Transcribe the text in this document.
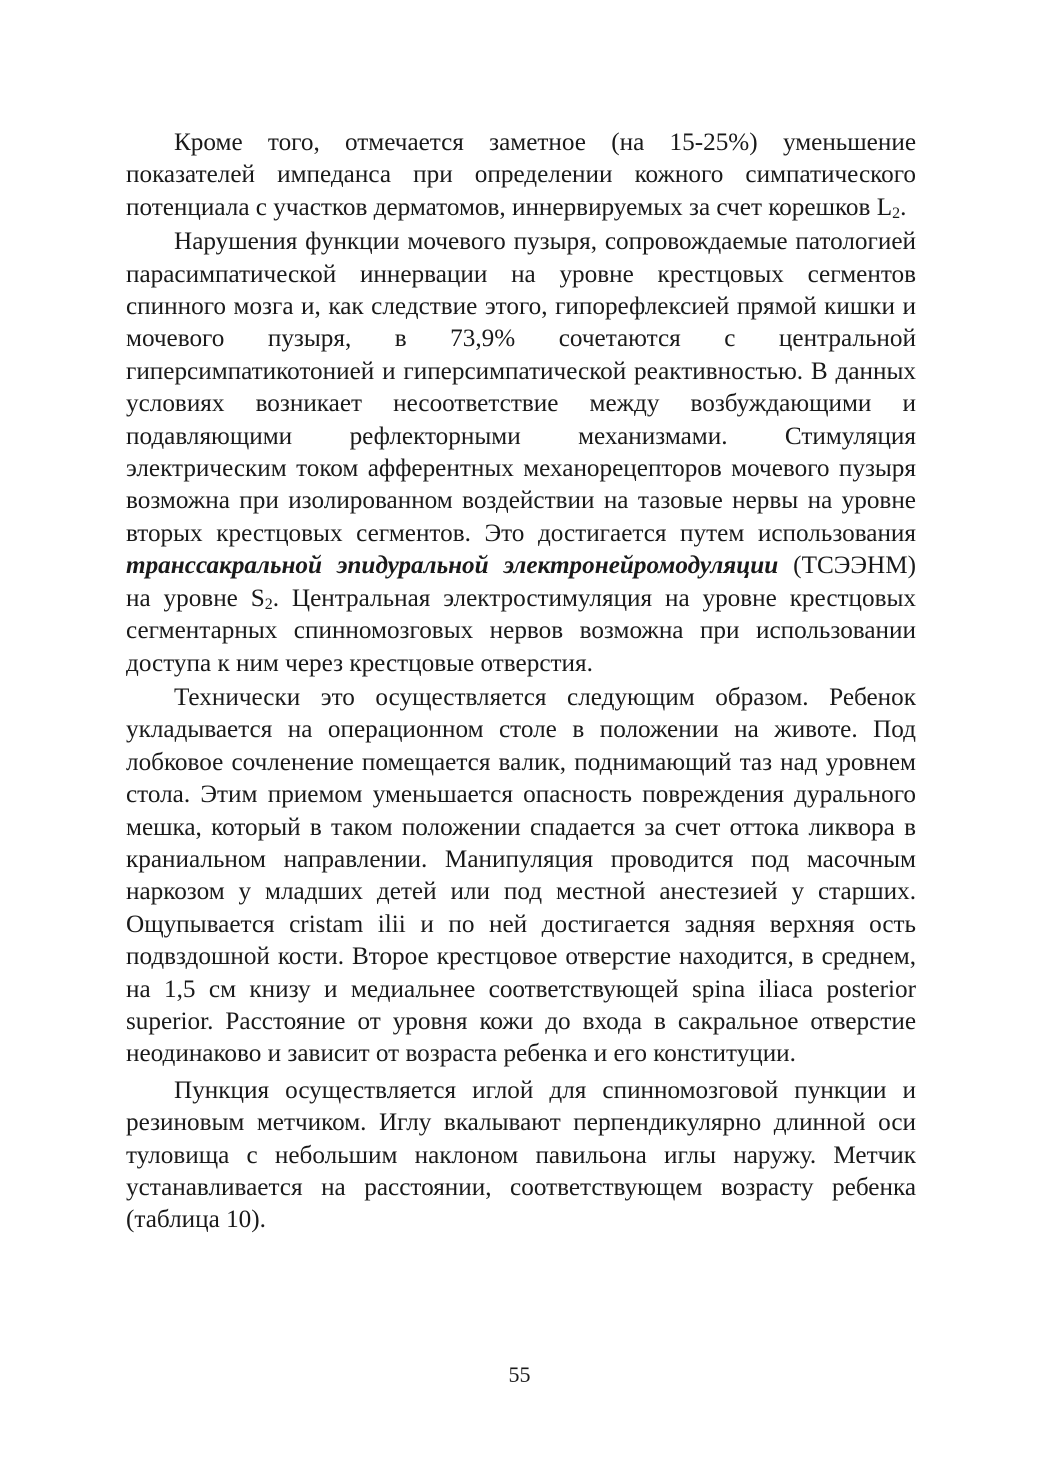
Кроме того, отмечается заметное (на 15-25%) уменьшение показателей импеданса при определении кожного симпатического потенциала с участков дерматомов, иннервируемых за счет корешков $L_2$.

Нарушения функции мочевого пузыря, сопровождаемые патологией парасимпатической иннервации на уровне крестцовых сегментов спинного мозга и, как следствие этого, гипорефлексией прямой кишки и мочевого пузыря, в 73,9% сочетаются с центральной гиперсимпатикотонией и гиперсимпатической реактивностью. В данных условиях возникает несоответствие между возбуждающими и подавляющими рефлекторными механизмами. Стимуляция электрическим током афферентных механорецепторов мочевого пузыря возможна при изолированном воздействии на тазовые нервы на уровне вторых крестцовых сегментов. Это достигается путем использования транссакральной эпидуральной электронейромодуляции (ТСЭЭНМ) на уровне $S_2$. Центральная электростимуляция на уровне крестцовых сегментарных спинномозговых нервов возможна при использовании доступа к ним через крестцовые отверстия.

Технически это осуществляется следующим образом. Ребенок укладывается на операционном столе в положении на животе. Под лобковое сочленение помещается валик, поднимающий таз над уровнем стола. Этим приемом уменьшается опасность повреждения дурального мешка, который в таком положении спадается за счет оттока ликвора в краниальном направлении. Манипуляция проводится под масочным наркозом у младших детей или под местной анестезией у старших. Ощупывается cristam ilii и по ней достигается задняя верхняя ость подвздошной кости. Второе крестцовое отверстие находится, в среднем, на 1,5 см книзу и медиальнее соответствующей spina iliaca posterior superior. Расстояние от уровня кожи до входа в сакральное отверстие неодинаково и зависит от возраста ребенка и его конституции.

Пункция осуществляется иглой для спинномозговой пункции и резиновым метчиком. Иглу вкалывают перпендикулярно длинной оси туловища с небольшим наклоном павильона иглы наружу. Метчик устанавливается на расстоянии, соответствующем возрасту ребенка (таблица 10).

55
